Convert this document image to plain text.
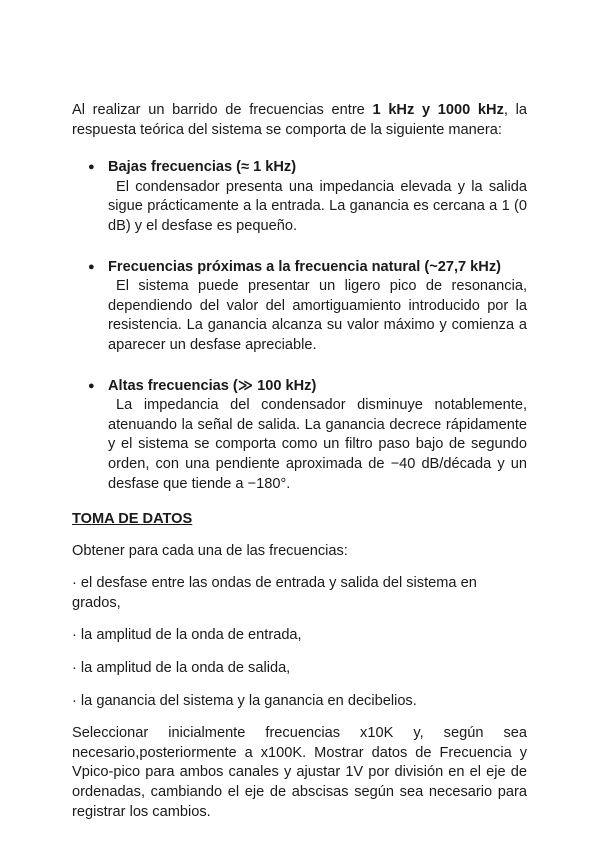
Al realizar un barrido de frecuencias entre 1 kHz y 1000 kHz, la respuesta teórica del sistema se comporta de la siguiente manera:

● Bajas frecuencias (≈ 1 kHz)

El condensador presenta una impedancia elevada y la salida sigue prácticamente a la entrada. La ganancia es cercana a 1 (0 dB) y el desfase es pequeño.

● Frecuencias próximas a la frecuencia natural (~27,7 kHz)

El sistema puede presentar un ligero pico de resonancia, dependiendo del valor del amortiguamiento introducido por la resistencia. La ganancia alcanza su valor máximo y comienza a aparecer un desfase apreciable.

● Altas frecuencias (≫ 100 kHz)

La impedancia del condensador disminuye notablemente, atenuando la señal de salida. La ganancia decrece rápidamente y el sistema se comporta como un filtro paso bajo de segundo orden, con una pendiente aproximada de −40 dB/década y un desfase que tiende a −180°.

TOMA DE DATOS

Obtener para cada una de las frecuencias:

· el desfase entre las ondas de entrada y salida del sistema en grados,

· la amplitud de la onda de entrada,

· la amplitud de la onda de salida,

· la ganancia del sistema y la ganancia en decibelios.

Seleccionar inicialmente frecuencias x10K y, según sea necesario,posteriormente a x100K. Mostrar datos de Frecuencia y Vpico-pico para ambos canales y ajustar 1V por división en el eje de ordenadas, cambiando el eje de abscisas según sea necesario para registrar los cambios.
